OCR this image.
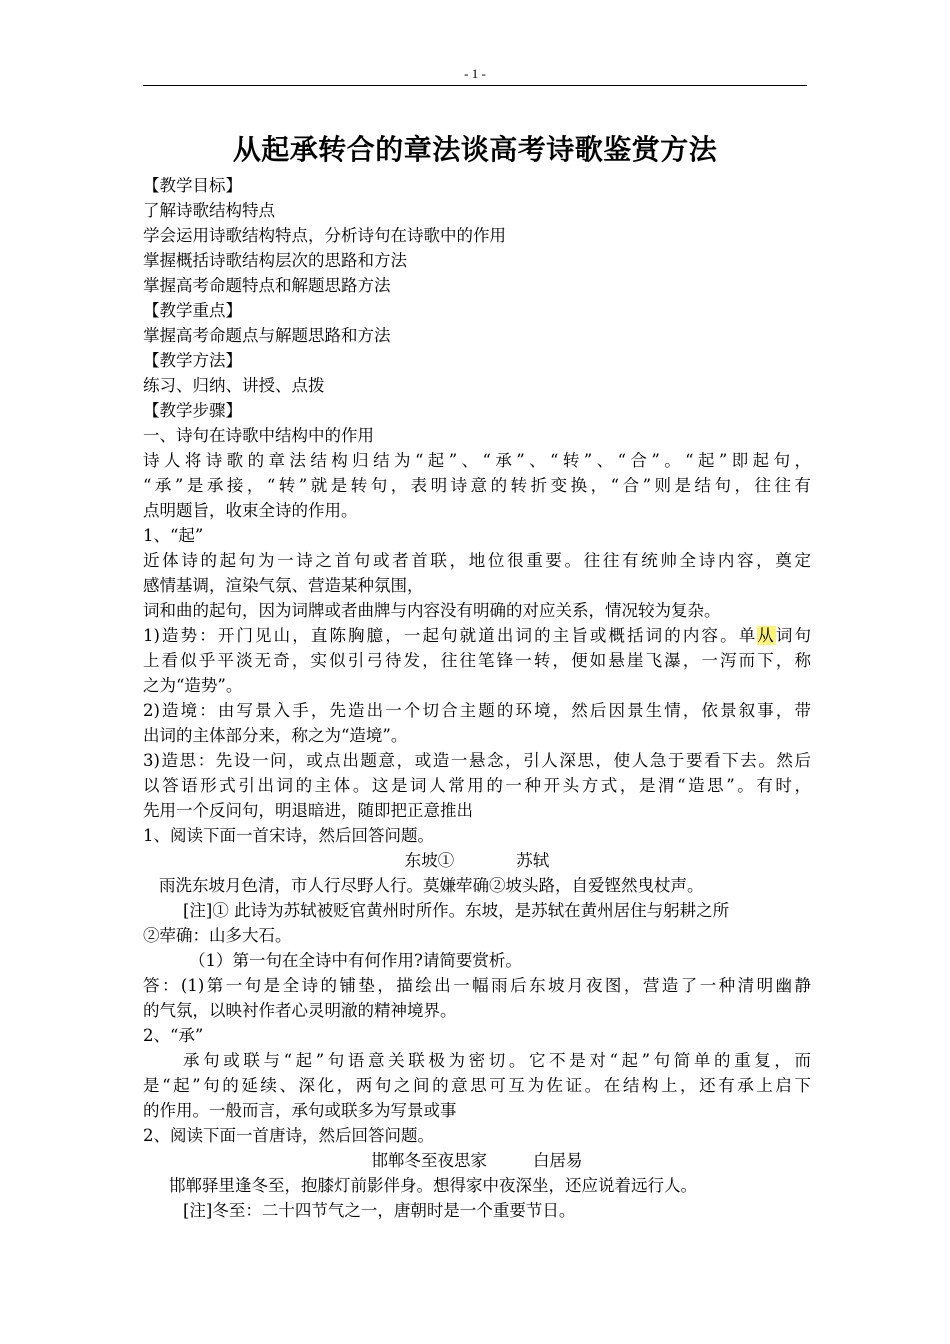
- 1 -
从起承转合的章法谈高考诗歌鉴赏方法
【教学目标】
了解诗歌结构特点
学会运用诗歌结构特点，分析诗句在诗歌中的作用
掌握概括诗歌结构层次的思路和方法
掌握高考命题特点和解题思路方法
【教学重点】
掌握高考命题点与解题思路和方法
【教学方法】
练习、归纳、讲授、点拨
【教学步骤】
一、诗句在诗歌中结构中的作用
诗人将诗歌的章法结构归结为“起”、“承”、“转”、“合”。“起”即起句，
“承”是承接，“转”就是转句，表明诗意的转折变换，“合”则是结句，往往有
点明题旨，收束全诗的作用。
1、“起”
近体诗的起句为一诗之首句或者首联，地位很重要。往往有统帅全诗内容，奠定
感情基调，渲染气氛、营造某种氛围，
词和曲的起句，因为词牌或者曲牌与内容没有明确的对应关系，情况较为复杂。
1)造势：开门见山，直陈胸臆，一起句就道出词的主旨或概括词的内容。单从词句
上看似乎平淡无奇，实似引弓待发，往往笔锋一转，便如悬崖飞瀑，一泻而下，称
之为“造势”。
2)造境：由写景入手，先造出一个切合主题的环境，然后因景生情，依景叙事，带
出词的主体部分来，称之为“造境”。
3)造思：先设一问，或点出题意，或造一悬念，引人深思，使人急于要看下去。然后
以答语形式引出词的主体。这是词人常用的一种开头方式，是渭“造思”。有时，
先用一个反问句，明退暗进，随即把正意推出
1、阅读下面一首宋诗，然后回答问题。
东坡①	苏轼
雨洗东坡月色清，市人行尽野人行。莫嫌荦确②坡头路，自爱铿然曳杖声。
[注]① 此诗为苏轼被贬官黄州时所作。东坡，是苏轼在黄州居住与躬耕之所
②荦确：山多大石。
（1）第一句在全诗中有何作用?请简要赏析。
答：(1)第一句是全诗的铺垫，描绘出一幅雨后东坡月夜图，营造了一种清明幽静
的气氛，以映衬作者心灵明澈的精神境界。
2、“承”
承句或联与“起”句语意关联极为密切。它不是对“起”句简单的重复，而
是“起”句的延续、深化，两句之间的意思可互为佐证。在结构上，还有承上启下
的作用。一般而言，承句或联多为写景或事
2、阅读下面一首唐诗，然后回答问题。
邯郸冬至夜思家	白居易
邯郸驿里逢冬至，抱膝灯前影伴身。想得家中夜深坐，还应说着远行人。
[注]冬至：二十四节气之一，唐朝时是一个重要节日。
